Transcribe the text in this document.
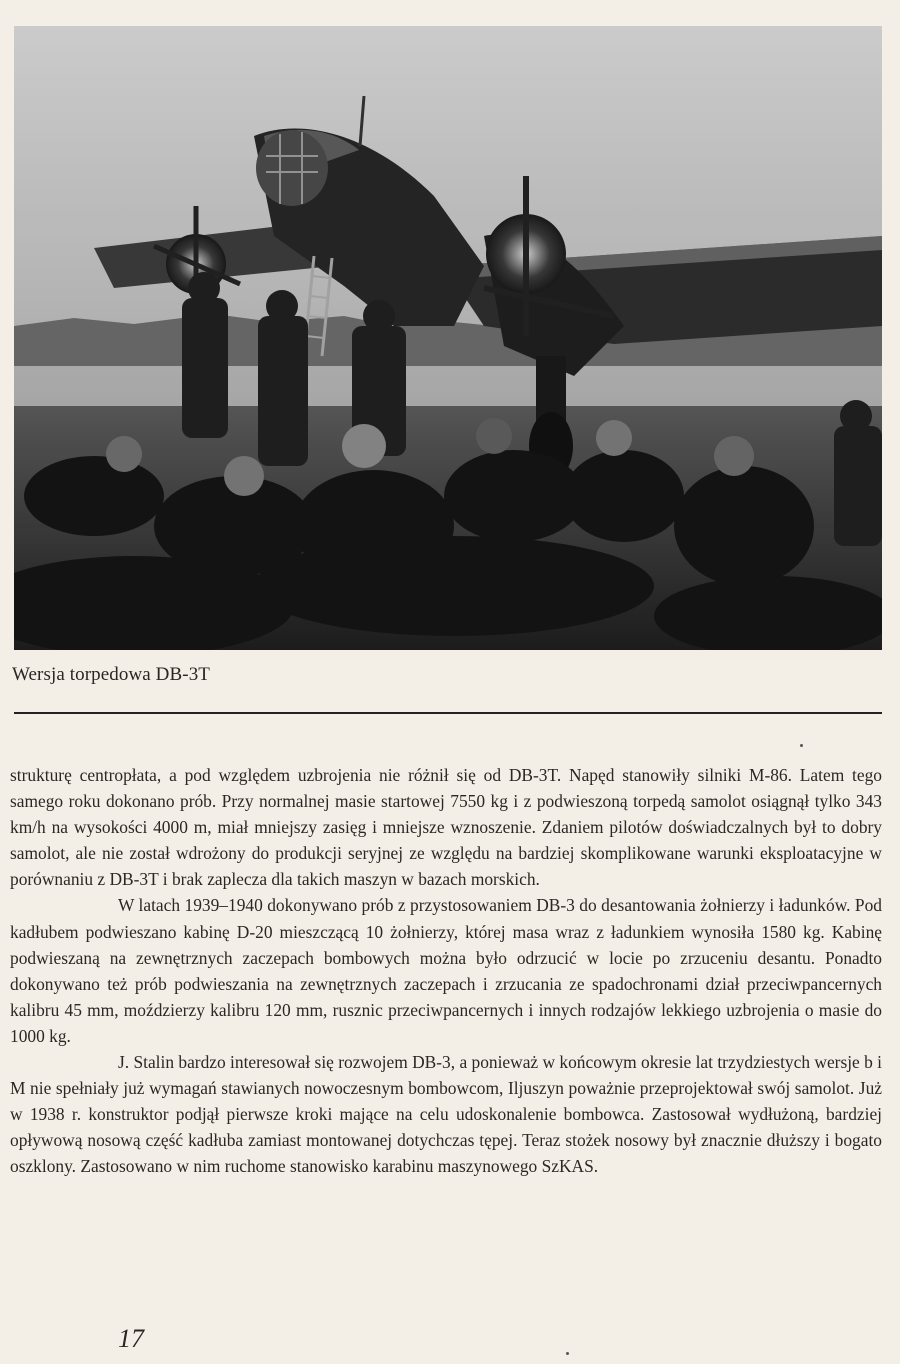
Wersja torpedowa DB-3T

strukturę centropłata, a pod względem uzbrojenia nie różnił się od DB-3T. Napęd stanowiły silniki M-86. Latem tego samego roku dokonano prób. Przy normalnej masie startowej 7550 kg i z podwieszoną torpedą samolot osiągnął tylko 343 km/h na wysokości 4000 m, miał mniejszy zasięg i mniejsze wznoszenie. Zdaniem pilotów doświadczalnych był to dobry samolot, ale nie został wdrożony do produkcji seryjnej ze względu na bardziej skomplikowane warunki eksploatacyjne w porównaniu z DB-3T i brak zaplecza dla takich maszyn w bazach morskich.

W latach 1939–1940 dokonywano prób z przystosowaniem DB-3 do desantowania żołnierzy i ładunków. Pod kadłubem podwieszano kabinę D-20 mieszczącą 10 żołnierzy, której masa wraz z ładunkiem wynosiła 1580 kg. Kabinę podwieszaną na zewnętrznych zaczepach bombowych można było odrzucić w locie po zrzuceniu desantu. Ponadto dokonywano też prób podwieszania na zewnętrznych zaczepach i zrzucania ze spadochronami dział przeciwpancernych kalibru 45 mm, moździerzy kalibru 120 mm, rusznic przeciwpancernych i innych rodzajów lekkiego uzbrojenia o masie do 1000 kg.

J. Stalin bardzo interesował się rozwojem DB-3, a ponieważ w końcowym okresie lat trzydziestych wersje b i M nie spełniały już wymagań stawianych nowoczesnym bombowcom, Iljuszyn poważnie przeprojektował swój samolot. Już w 1938 r. konstruktor podjął pierwsze kroki mające na celu udoskonalenie bombowca. Zastosował wydłużoną, bardziej opływową nosową część kadłuba zamiast montowanej dotychczas tępej. Teraz stożek nosowy był znacznie dłuższy i bogato oszklony. Zastosowano w nim ruchome stanowisko karabinu maszynowego SzKAS.

17
